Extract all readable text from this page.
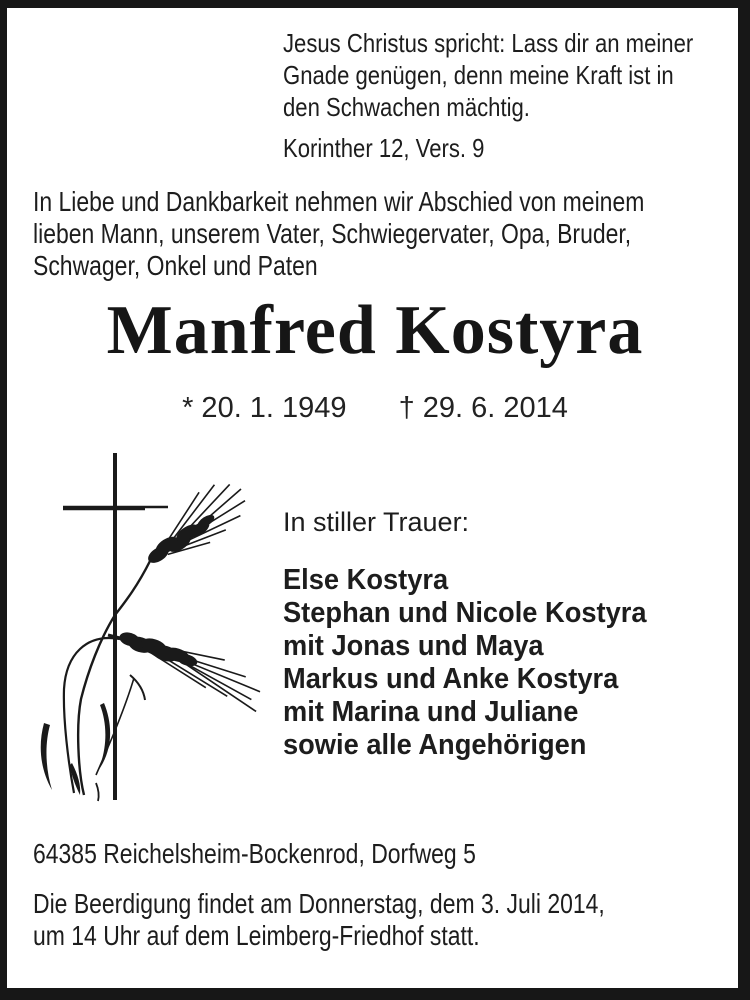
Jesus Christus spricht: Lass dir an meiner
Gnade genügen, denn meine Kraft ist in
den Schwachen mächtig.
Korinther 12, Vers. 9
In Liebe und Dankbarkeit nehmen wir Abschied von meinem
lieben Mann, unserem Vater, Schwiegervater, Opa, Bruder,
Schwager, Onkel und Paten
Manfred Kostyra
* 20. 1. 1949 † 29. 6. 2014
In stiller Trauer:
Else Kostyra
Stephan und Nicole Kostyra
mit Jonas und Maya
Markus und Anke Kostyra
mit Marina und Juliane
sowie alle Angehörigen
64385 Reichelsheim-Bockenrod, Dorfweg 5
Die Beerdigung findet am Donnerstag, dem 3. Juli 2014,
um 14 Uhr auf dem Leimberg-Friedhof statt.
